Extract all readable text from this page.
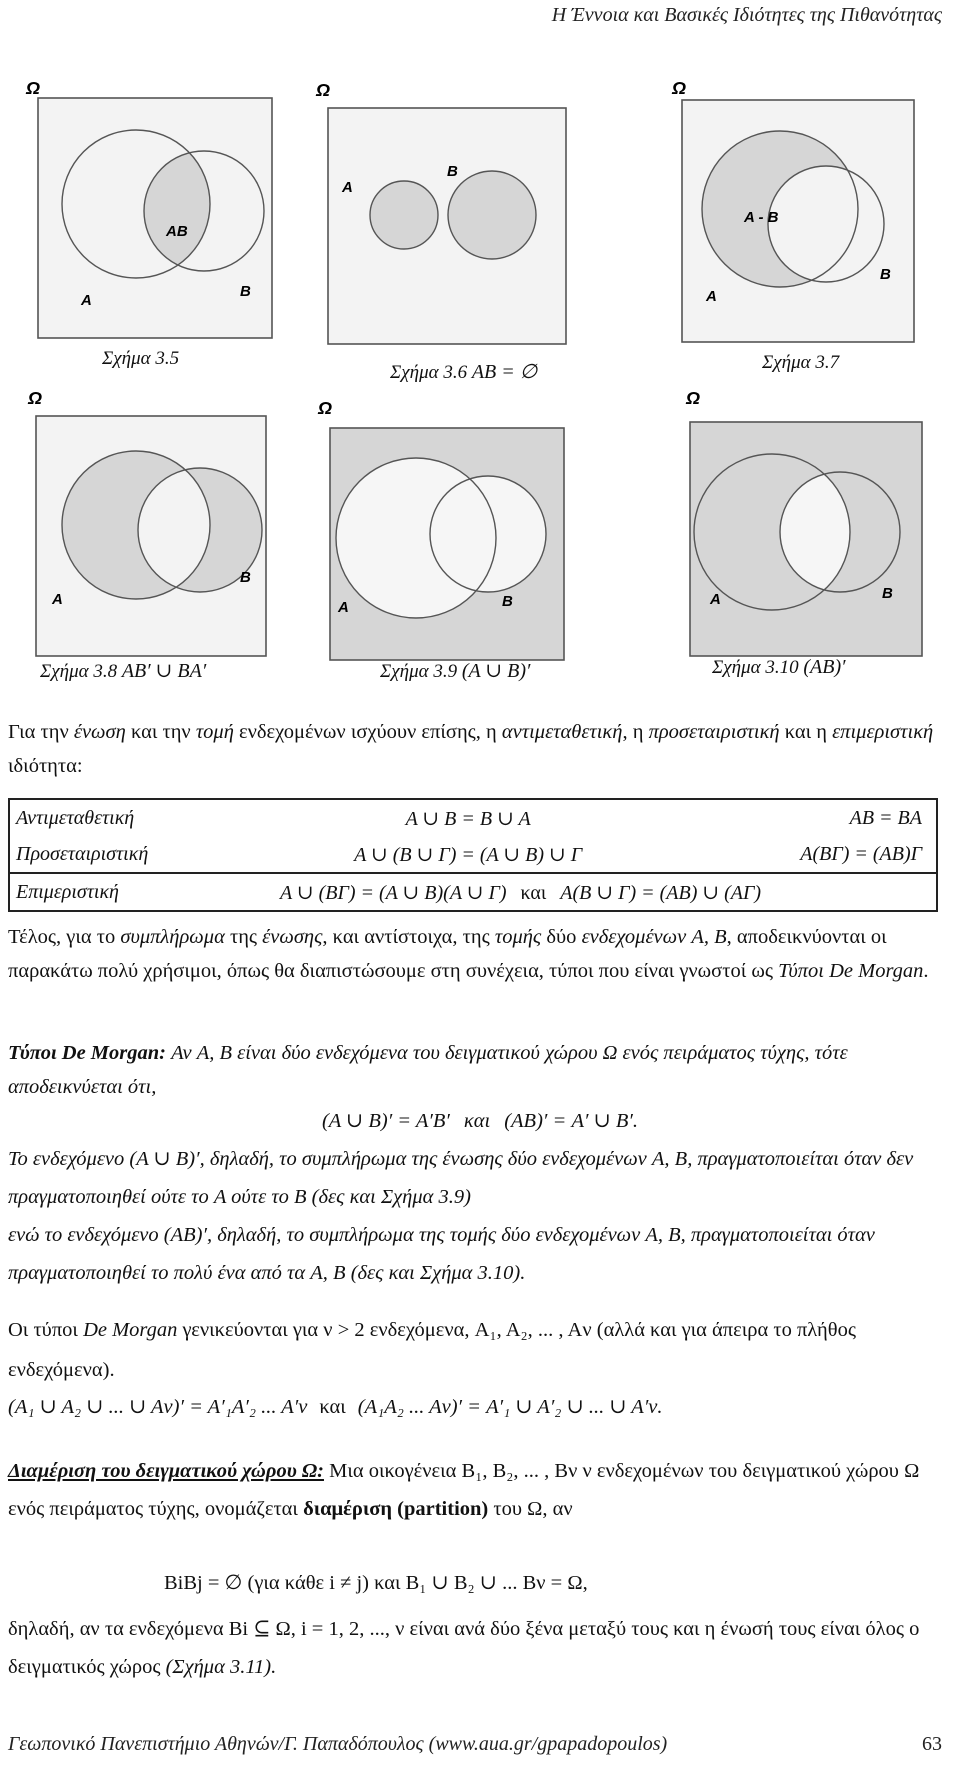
Η Έννοια και Βασικές Ιδιότητες της Πιθανότητας
Ω
AB
A
B
Σχήμα 3.5
Ω
A
B
Σχήμα 3.6 AB = ∅
Ω
A - B
A
B
Σχήμα 3.7
Ω
A
B
Σχήμα 3.8 AB′ ∪ BA′
Ω
A	B
Σχήμα 3.9 (A ∪ B)′
Ω
A	B
Σχήμα 3.10 (AB)′
Για την ένωση και την τομή ενδεχομένων ισχύουν επίσης, η αντιμεταθετική, η προσεταιριστική και η επιμεριστική ιδιότητα:
Αντιμεταθετική	A ∪ B = B ∪ A	AB = BA
Προσεταιριστική	A ∪ (B ∪ Γ) = (A ∪ B) ∪ Γ	A(BΓ) = (AB)Γ
Επιμεριστική	A ∪ (BΓ) = (A ∪ B)(A ∪ Γ) και A(B ∪ Γ) = (AB) ∪ (AΓ)	
Τέλος, για το συμπλήρωμα της ένωσης, και αντίστοιχα, της τομής δύο ενδεχομένων A, B, αποδεικνύονται οι παρακάτω πολύ χρήσιμοι, όπως θα διαπιστώσουμε στη συνέχεια, τύποι που είναι γνωστοί ως Τύποι De Morgan.
Τύποι De Morgan: Αν A, B είναι δύο ενδεχόμενα του δειγματικού χώρου Ω ενός πειράματος τύχης, τότε αποδεικνύεται ότι,
(A ∪ B)′ = A′B′ και (AB)′ = A′ ∪ B′.
Το ενδεχόμενο (A ∪ B)′, δηλαδή, το συμπλήρωμα της ένωσης δύο ενδεχομένων A, B, πραγματοποιείται όταν δεν πραγματοποιηθεί ούτε το A ούτε το B (δες και Σχήμα 3.9)
ενώ το ενδεχόμενο (AB)′, δηλαδή, το συμπλήρωμα της τομής δύο ενδεχομένων A, B, πραγματοποιείται όταν πραγματοποιηθεί το πολύ ένα από τα A, B (δες και Σχήμα 3.10).
Οι τύποι De Morgan γενικεύονται για ν > 2 ενδεχόμενα, A₁, A₂, ... , Aν (αλλά και για άπειρα το πλήθος ενδεχόμενα).
(A₁ ∪ A₂ ∪ ... ∪ Aν)′ = A′₁A′₂ ... A′ν και (A₁A₂ ... Aν)′ = A′₁ ∪ A′₂ ∪ ... ∪ A′ν.
Διαμέριση του δειγματικού χώρου Ω: Μια οικογένεια B₁, B₂, ... , Bν ν ενδεχομένων του δειγματικού χώρου Ω ενός πειράματος τύχης, ονομάζεται διαμέριση (partition) του Ω, αν
BiBj = ∅ (για κάθε i ≠ j) και B₁ ∪ B₂ ∪ ... Bν = Ω,
δηλαδή, αν τα ενδεχόμενα Bi ⊆ Ω, i = 1, 2, ..., ν είναι ανά δύο ξένα μεταξύ τους και η ένωσή τους είναι όλος ο δειγματικός χώρος (Σχήμα 3.11).
Γεωπονικό Πανεπιστήμιο Αθηνών/Γ. Παπαδόπουλος (www.aua.gr/gpapadopoulos)	63
